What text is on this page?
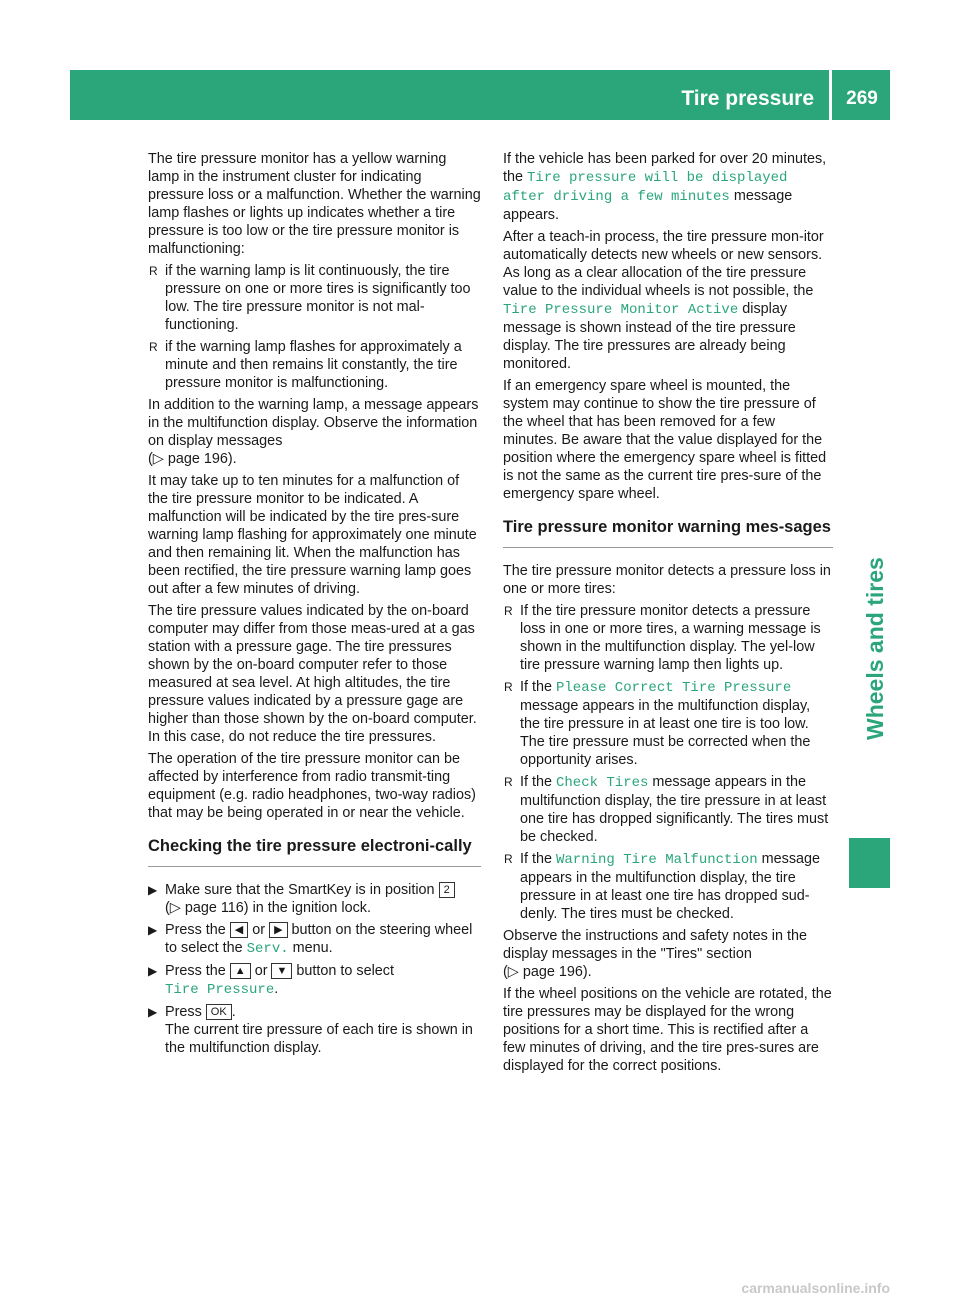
Tire pressure	269
Wheels and tires

The tire pressure monitor has a yellow warning lamp in the instrument cluster for indicating pressure loss or a malfunction. Whether the warning lamp flashes or lights up indicates whether a tire pressure is too low or the tire pressure monitor is malfunctioning:

R if the warning lamp is lit continuously, the tire pressure on one or more tires is significantly too low. The tire pressure monitor is not mal-functioning.
R if the warning lamp flashes for approximately a minute and then remains lit constantly, the tire pressure monitor is malfunctioning.

In addition to the warning lamp, a message appears in the multifunction display. Observe the information on display messages
(▷ page 196).

It may take up to ten minutes for a malfunction of the tire pressure monitor to be indicated. A malfunction will be indicated by the tire pres-sure warning lamp flashing for approximately one minute and then remaining lit. When the malfunction has been rectified, the tire pressure warning lamp goes out after a few minutes of driving.

The tire pressure values indicated by the on-board computer may differ from those meas-ured at a gas station with a pressure gage. The tire pressures shown by the on-board computer refer to those measured at sea level. At high altitudes, the tire pressure values indicated by a pressure gage are higher than those shown by the on-board computer. In this case, do not reduce the tire pressures.

The operation of the tire pressure monitor can be affected by interference from radio transmit-ting equipment (e.g. radio headphones, two-way radios) that may be being operated in or near the vehicle.

Checking the tire pressure electroni-cally
▶ Make sure that the SmartKey is in position 2
(▷ page 116) in the ignition lock.
▶ Press the ◀ or ▶ button on the steering wheel to select the Serv. menu.
▶ Press the ▲ or ▼ button to select
Tire Pressure.
▶ Press OK .
The current tire pressure of each tire is shown in the multifunction display.

If the vehicle has been parked for over 20 minutes, the Tire pressure will be displayed after driving a few minutes message appears.

After a teach-in process, the tire pressure mon-itor automatically detects new wheels or new sensors. As long as a clear allocation of the tire pressure value to the individual wheels is not possible, the Tire Pressure Monitor Active display message is shown instead of the tire pressure display. The tire pressures are already being monitored.

If an emergency spare wheel is mounted, the system may continue to show the tire pressure of the wheel that has been removed for a few minutes. Be aware that the value displayed for the position where the emergency spare wheel is fitted is not the same as the current tire pres-sure of the emergency spare wheel.

Tire pressure monitor warning mes-sages

The tire pressure monitor detects a pressure loss in one or more tires:

R If the tire pressure monitor detects a pressure loss in one or more tires, a warning message is shown in the multifunction display. The yel-low tire pressure warning lamp then lights up.
R If the Please Correct Tire Pressure message appears in the multifunction display, the tire pressure in at least one tire is too low. The tire pressure must be corrected when the opportunity arises.
R If the Check Tires message appears in the multifunction display, the tire pressure in at least one tire has dropped significantly. The tires must be checked.
R If the Warning Tire Malfunction message appears in the multifunction display, the tire pressure in at least one tire has dropped sud-denly. The tires must be checked.

Observe the instructions and safety notes in the display messages in the "Tires" section
(▷ page 196).

If the wheel positions on the vehicle are rotated, the tire pressures may be displayed for the wrong positions for a short time. This is rectified after a few minutes of driving, and the tire pres-sures are displayed for the correct positions.

carmanualsonline.info
